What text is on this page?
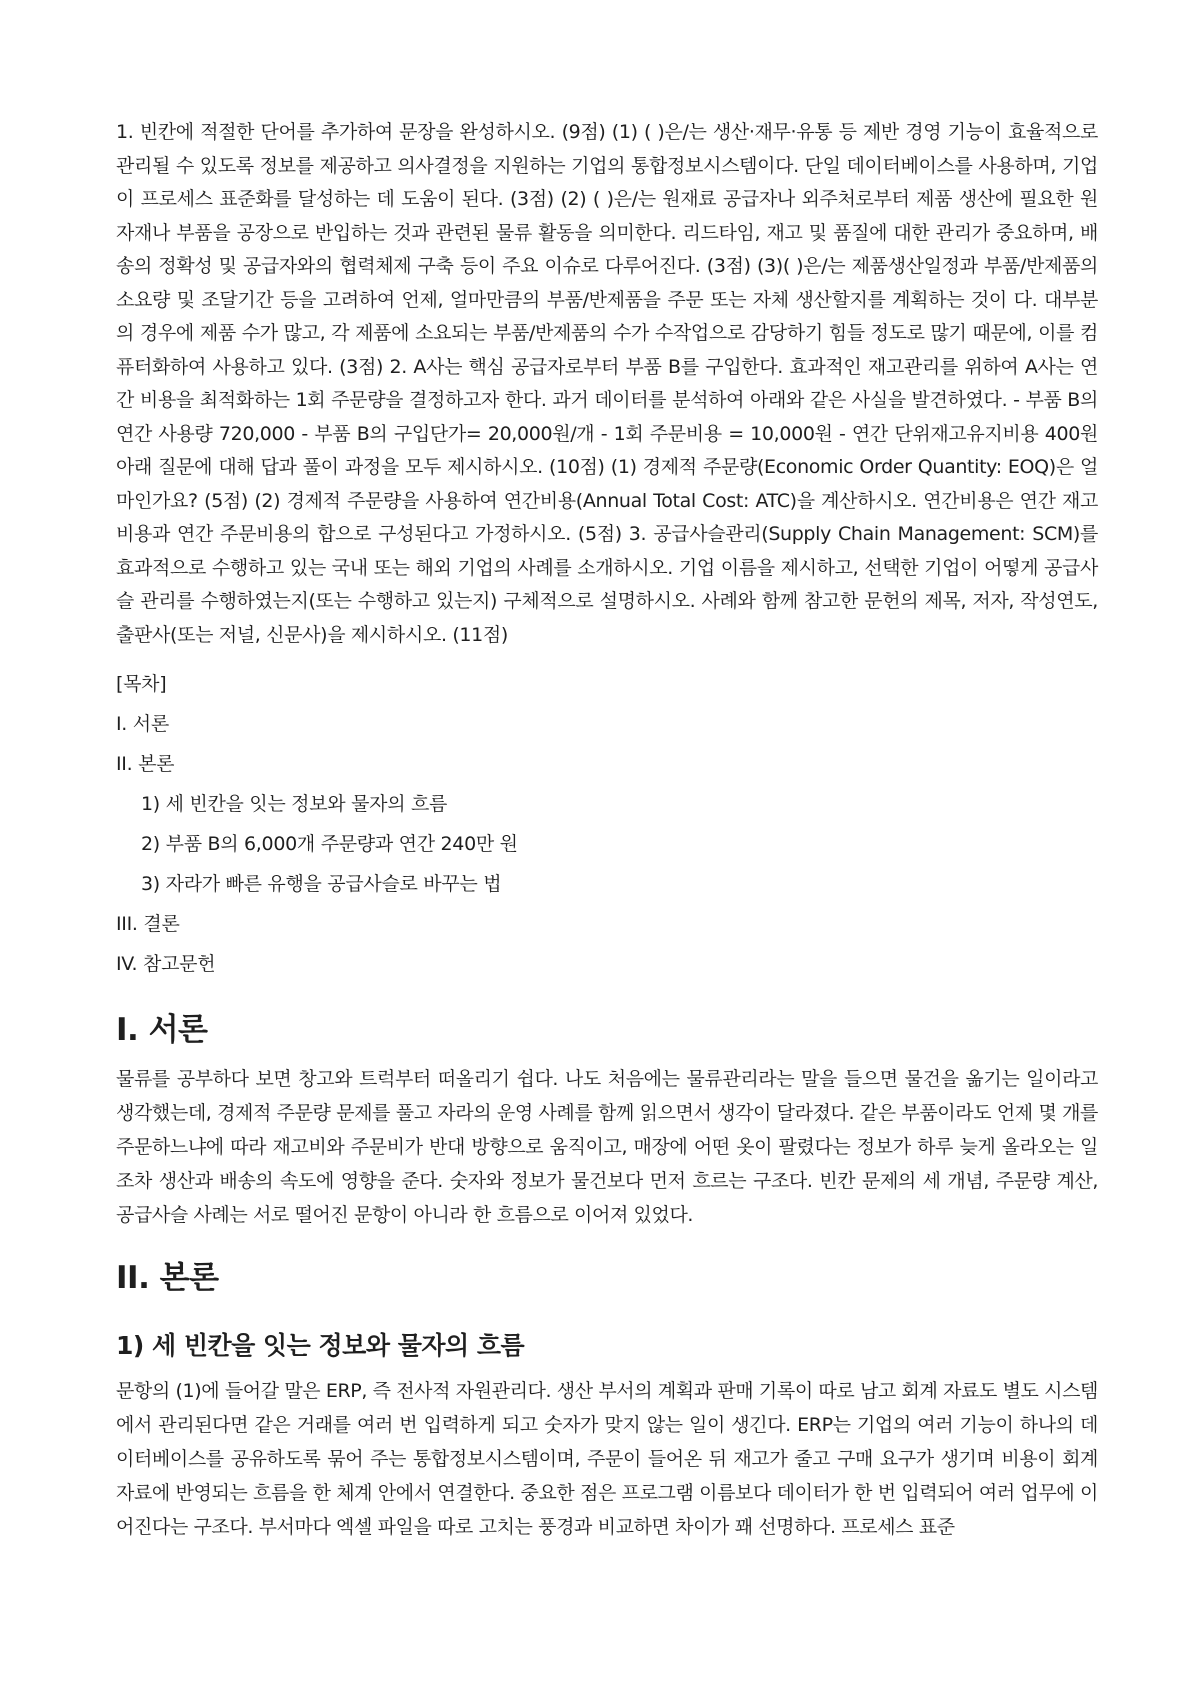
1. 빈칸에 적절한 단어를 추가하여 문장을 완성하시오. (9점) (1) ( )은/는 생산·재무·유통 등 제반 경영 기능이 효율적으로 관리될 수 있도록 정보를 제공하고 의사결정을 지원하는 기업의 통합정보시스템이다. 단일 데이터베이스를 사용하며, 기업이 프로세스 표준화를 달성하는 데 도움이 된다. (3점) (2) ( )은/는 원재료 공급자나 외주처로부터 제품 생산에 필요한 원자재나 부품을 공장으로 반입하는 것과 관련된 물류 활동을 의미한다. 리드타임, 재고 및 품질에 대한 관리가 중요하며, 배송의 정확성 및 공급자와의 협력체제 구축 등이 주요 이슈로 다루어진다. (3점) (3)( )은/는 제품생산일정과 부품/반제품의 소요량 및 조달기간 등을 고려하여 언제, 얼마만큼의 부품/반제품을 주문 또는 자체 생산할지를 계획하는 것이 다. 대부분의 경우에 제품 수가 많고, 각 제품에 소요되는 부품/반제품의 수가 수작업으로 감당하기 힘들 정도로 많기 때문에, 이를 컴퓨터화하여 사용하고 있다. (3점) 2. A사는 핵심 공급자로부터 부품 B를 구입한다. 효과적인 재고관리를 위하여 A사는 연간 비용을 최적화하는 1회 주문량을 결정하고자 한다. 과거 데이터를 분석하여 아래와 같은 사실을 발견하였다. - 부품 B의 연간 사용량 720,000 - 부품 B의 구입단가= 20,000원/개 - 1회 주문비용 = 10,000원 - 연간 단위재고유지비용 400원 아래 질문에 대해 답과 풀이 과정을 모두 제시하시오. (10점) (1) 경제적 주문량(Economic Order Quantity: EOQ)은 얼마인가요? (5점) (2) 경제적 주문량을 사용하여 연간비용(Annual Total Cost: ATC)을 계산하시오. 연간비용은 연간 재고비용과 연간 주문비용의 합으로 구성된다고 가정하시오. (5점) 3. 공급사슬관리(Supply Chain Management: SCM)를 효과적으로 수행하고 있는 국내 또는 해외 기업의 사례를 소개하시오. 기업 이름을 제시하고, 선택한 기업이 어떻게 공급사슬 관리를 수행하였는지(또는 수행하고 있는지) 구체적으로 설명하시오. 사례와 함께 참고한 문헌의 제목, 저자, 작성연도, 출판사(또는 저널, 신문사)을 제시하시오. (11점)

[목차]
I. 서론
II. 본론
1) 세 빈칸을 잇는 정보와 물자의 흐름
2) 부품 B의 6,000개 주문량과 연간 240만 원
3) 자라가 빠른 유행을 공급사슬로 바꾸는 법
III. 결론
IV. 참고문헌
I. 서론

물류를 공부하다 보면 창고와 트럭부터 떠올리기 쉽다. 나도 처음에는 물류관리라는 말을 들으면 물건을 옮기는 일이라고 생각했는데, 경제적 주문량 문제를 풀고 자라의 운영 사례를 함께 읽으면서 생각이 달라졌다. 같은 부품이라도 언제 몇 개를 주문하느냐에 따라 재고비와 주문비가 반대 방향으로 움직이고, 매장에 어떤 옷이 팔렸다는 정보가 하루 늦게 올라오는 일조차 생산과 배송의 속도에 영향을 준다. 숫자와 정보가 물건보다 먼저 흐르는 구조다. 빈칸 문제의 세 개념, 주문량 계산, 공급사슬 사례는 서로 떨어진 문항이 아니라 한 흐름으로 이어져 있었다.

II. 본론
1) 세 빈칸을 잇는 정보와 물자의 흐름

문항의 (1)에 들어갈 말은 ERP, 즉 전사적 자원관리다. 생산 부서의 계획과 판매 기록이 따로 남고 회계 자료도 별도 시스템에서 관리된다면 같은 거래를 여러 번 입력하게 되고 숫자가 맞지 않는 일이 생긴다. ERP는 기업의 여러 기능이 하나의 데이터베이스를 공유하도록 묶어 주는 통합정보시스템이며, 주문이 들어온 뒤 재고가 줄고 구매 요구가 생기며 비용이 회계 자료에 반영되는 흐름을 한 체계 안에서 연결한다. 중요한 점은 프로그램 이름보다 데이터가 한 번 입력되어 여러 업무에 이어진다는 구조다. 부서마다 엑셀 파일을 따로 고치는 풍경과 비교하면 차이가 꽤 선명하다. 프로세스 표준
